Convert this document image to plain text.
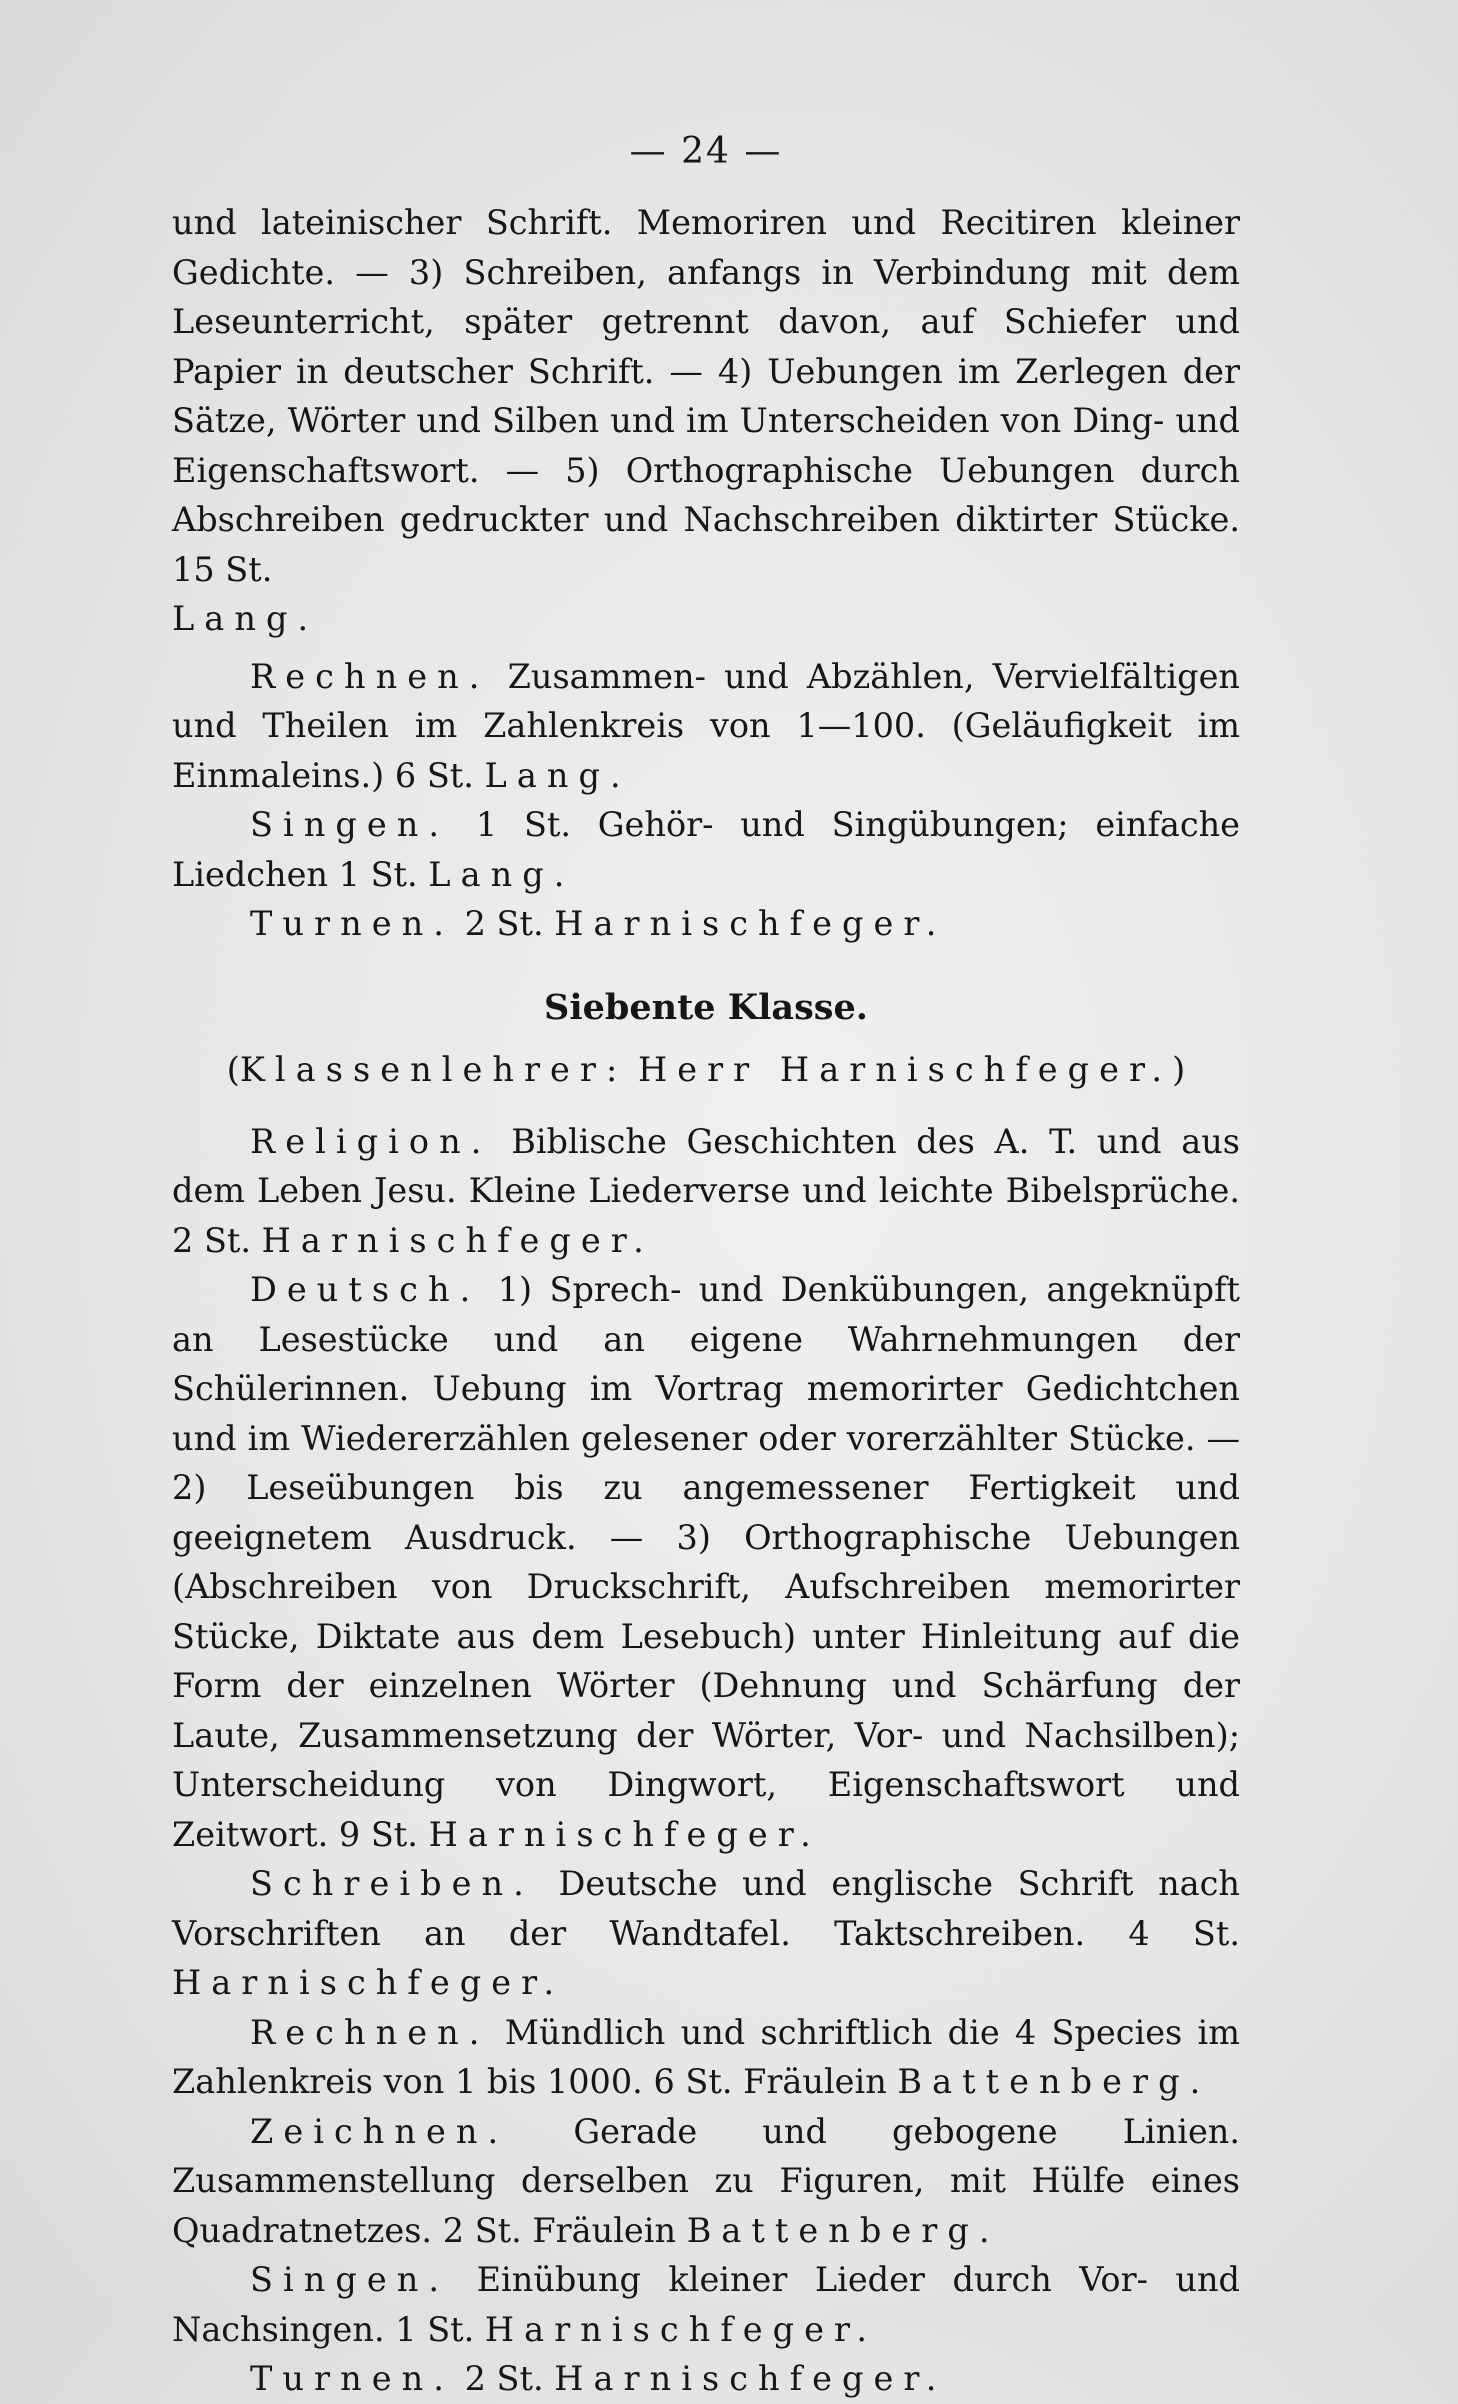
— 24 —

und lateinischer Schrift. Memoriren und Recitiren kleiner Gedichte. — 3) Schreiben, anfangs in Verbindung mit dem Leseunterricht, später getrennt davon, auf Schiefer und Papier in deutscher Schrift. — 4) Uebungen im Zerlegen der Sätze, Wörter und Silben und im Unterscheiden von Ding- und Eigenschaftswort. — 5) Orthographische Uebungen durch Abschreiben gedruckter und Nachschreiben diktirter Stücke. 15 St.
Lang.

Rechnen. Zusammen- und Abzählen, Vervielfältigen und Theilen im Zahlenkreis von 1—100. (Geläufigkeit im Einmaleins.) 6 St. Lang.

Singen. 1 St. Gehör- und Singübungen; einfache Liedchen 1 St. Lang.

Turnen. 2 St. Harnischfeger.

Siebente Klasse.

(Klassenlehrer: Herr Harnischfeger.)

Religion. Biblische Geschichten des A. T. und aus dem Leben Jesu. Kleine Liederverse und leichte Bibelsprüche. 2 St. Harnischfeger.

Deutsch. 1) Sprech- und Denkübungen, angeknüpft an Lesestücke und an eigene Wahrnehmungen der Schülerinnen. Uebung im Vortrag memorirter Gedichtchen und im Wiedererzählen gelesener oder vorerzählter Stücke. — 2) Leseübungen bis zu angemessener Fertigkeit und geeignetem Ausdruck. — 3) Orthographische Uebungen (Abschreiben von Druckschrift, Aufschreiben memorirter Stücke, Diktate aus dem Lesebuch) unter Hinleitung auf die Form der einzelnen Wörter (Dehnung und Schärfung der Laute, Zusammensetzung der Wörter, Vor- und Nachsilben); Unterscheidung von Dingwort, Eigenschaftswort und Zeitwort. 9 St. Harnischfeger.

Schreiben. Deutsche und englische Schrift nach Vorschriften an der Wandtafel. Taktschreiben. 4 St. Harnischfeger.

Rechnen. Mündlich und schriftlich die 4 Species im Zahlenkreis von 1 bis 1000. 6 St. Fräulein Battenberg.

Zeichnen. Gerade und gebogene Linien. Zusammenstellung derselben zu Figuren, mit Hülfe eines Quadratnetzes. 2 St. Fräulein Battenberg.

Singen. Einübung kleiner Lieder durch Vor- und Nachsingen. 1 St. Harnischfeger.

Turnen. 2 St. Harnischfeger.
